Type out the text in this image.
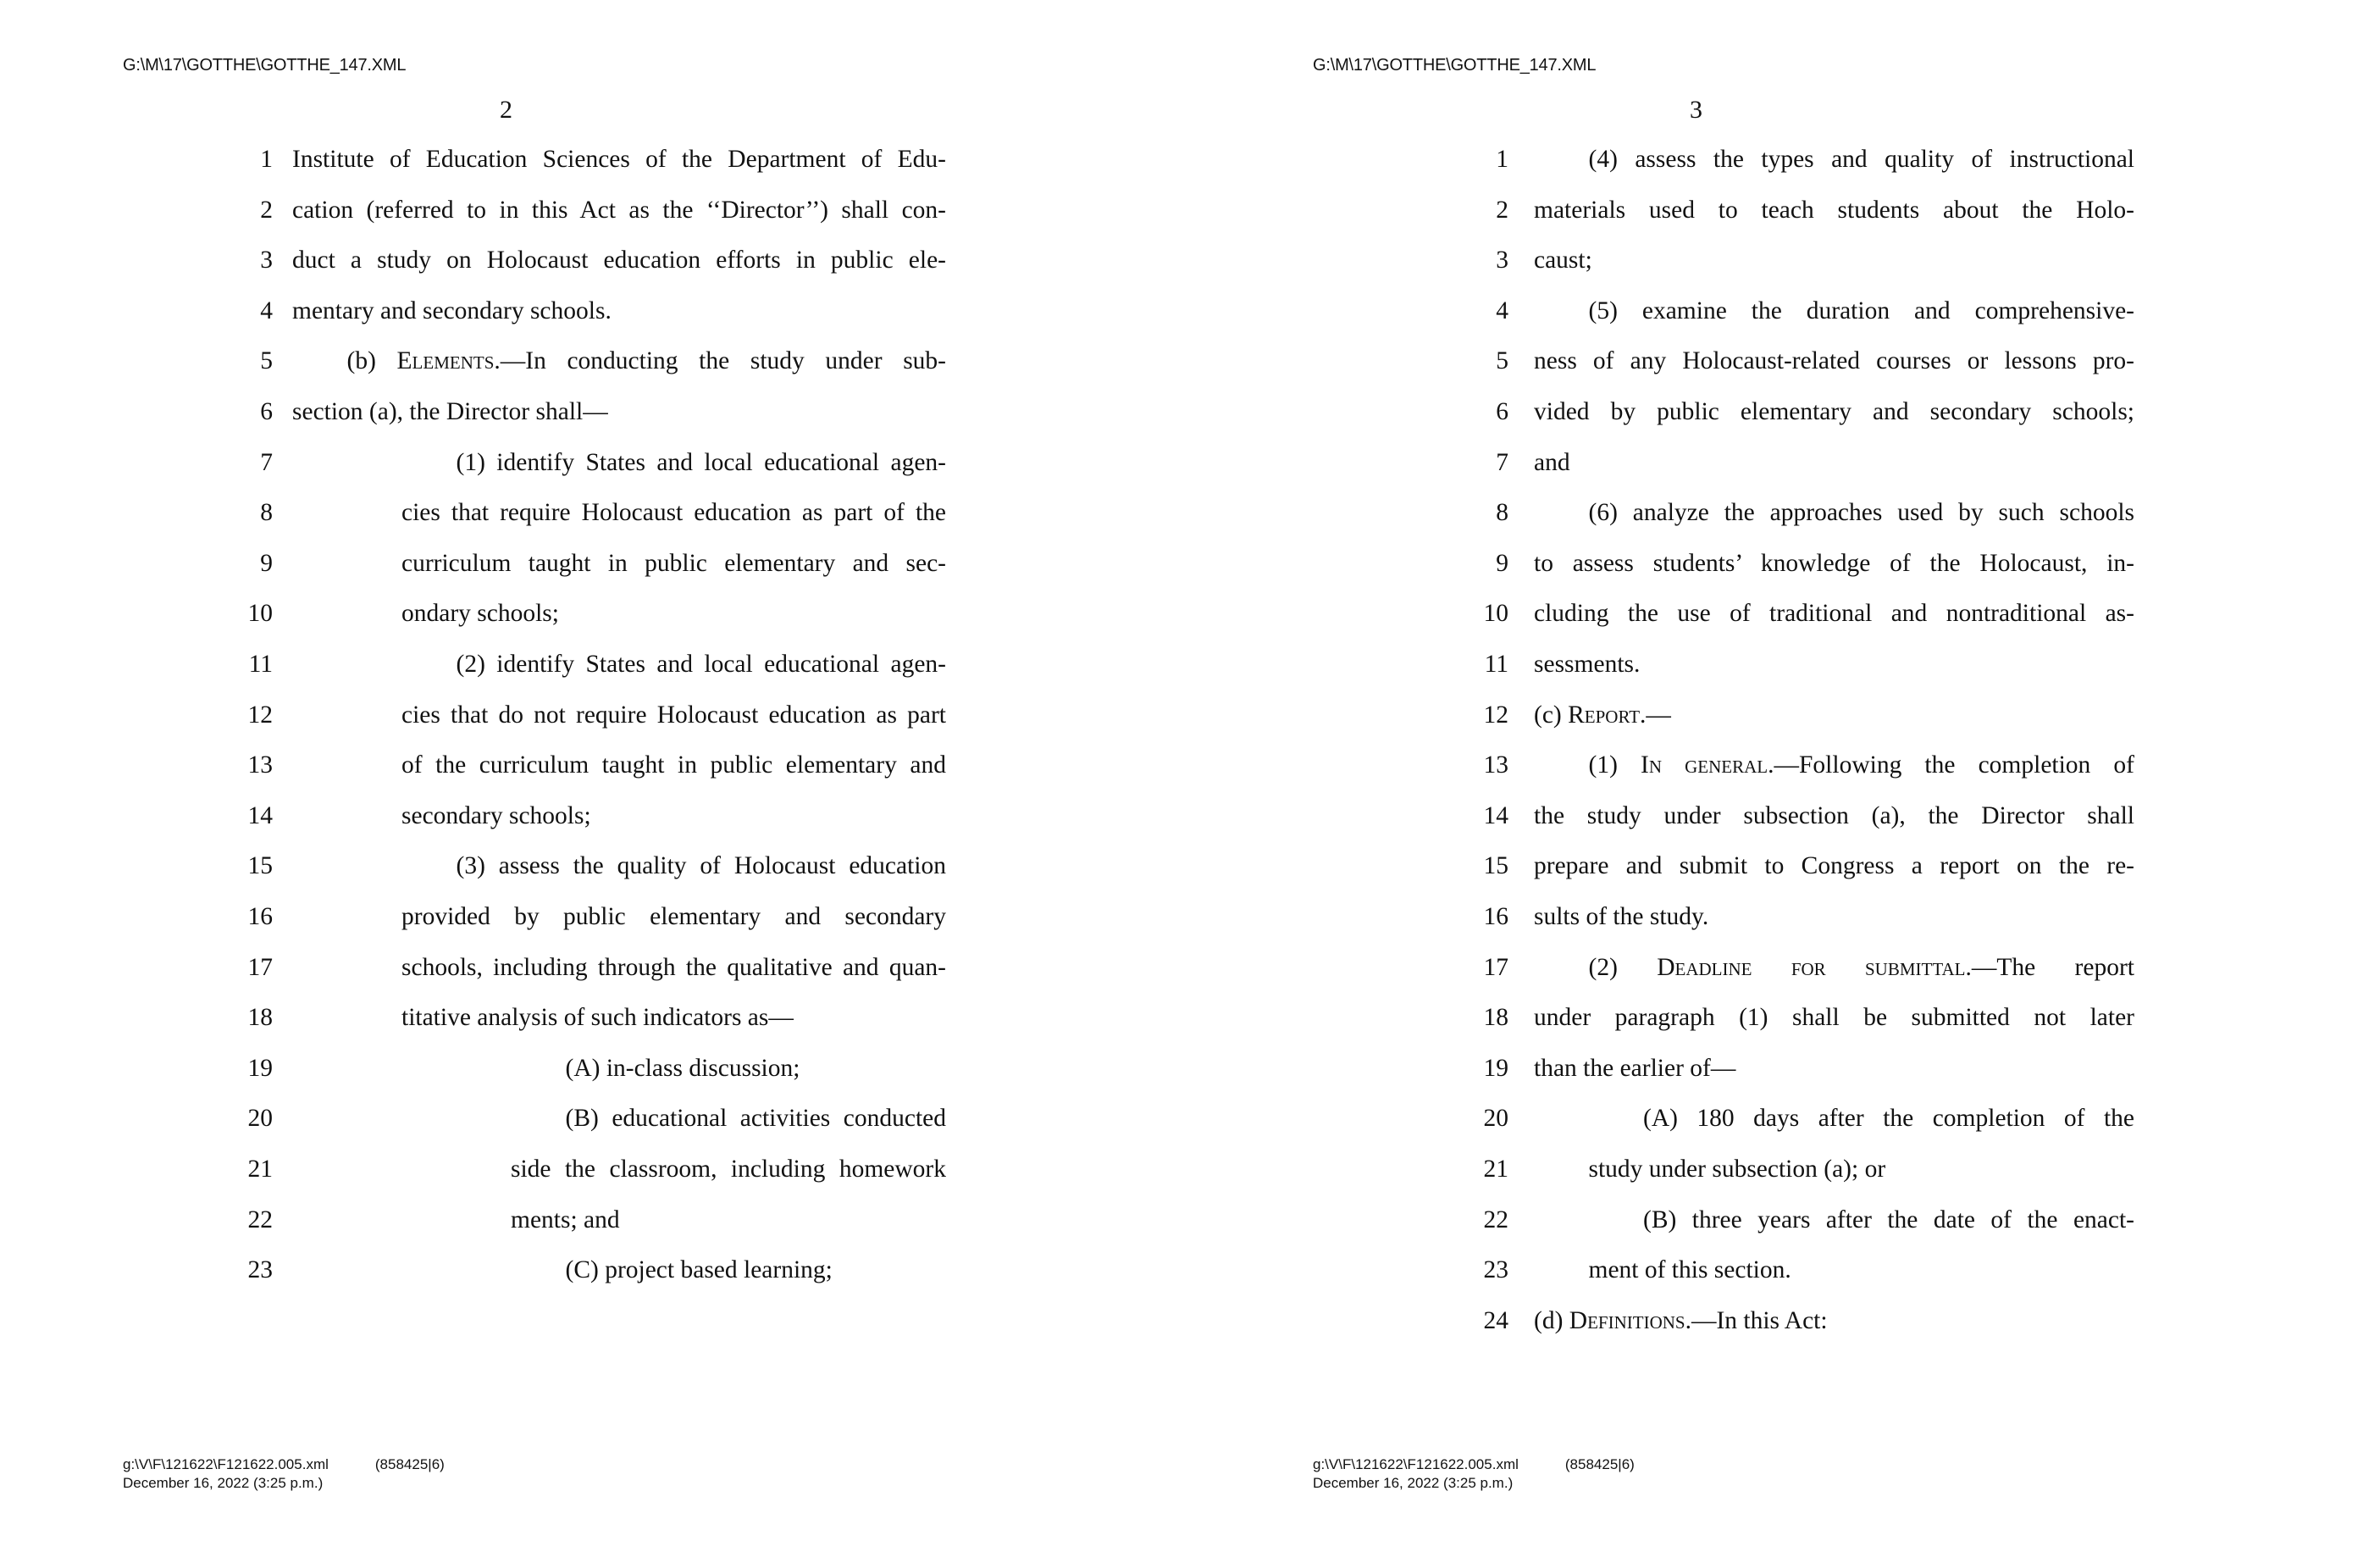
G:\M\17\GOTTHE\GOTTHE_147.XML
2
1 Institute of Education Sciences of the Department of Edu-
2 cation (referred to in this Act as the ‘‘Director’’) shall con-
3 duct a study on Holocaust education efforts in public ele-
4 mentary and secondary schools.
5	(b) Elements.—In conducting the study under sub-
6 section (a), the Director shall—
7	(1) identify States and local educational agen-
8	cies that require Holocaust education as part of the
9	curriculum taught in public elementary and sec-
10	ondary schools;
11	(2) identify States and local educational agen-
12	cies that do not require Holocaust education as part
13	of the curriculum taught in public elementary and
14	secondary schools;
15	(3) assess the quality of Holocaust education
16	provided by public elementary and secondary
17	schools, including through the qualitative and quan-
18	titative analysis of such indicators as—
19	(A) in-class discussion;
20	(B) educational activities conducted
21	side the classroom, including homework
22	ments; and
23	(C) project based learning;
g:\V\F\121622\F121622.005.xml	(858425|6)
December 16, 2022 (3:25 p.m.)
G:\M\17\GOTTHE\GOTTHE_147.XML
3
1	(4) assess the types and quality of instructional
2 materials used to teach students about the Holo-
3 caust;
4	(5) examine the duration and comprehensive-
5 ness of any Holocaust-related courses or lessons pro-
6 vided by public elementary and secondary schools;
7 and
8	(6) analyze the approaches used by such schools
9 to assess students’ knowledge of the Holocaust, in-
10 cluding the use of traditional and nontraditional as-
11 sessments.
12 (c) Report.—
13	(1) In general.—Following the completion of
14 the study under subsection (a), the Director shall
15 prepare and submit to Congress a report on the re-
16 sults of the study.
17	(2) Deadline for submittal.—The report
18 under paragraph (1) shall be submitted not later
19 than the earlier of—
20	(A) 180 days after the completion of the
21	study under subsection (a); or
22	(B) three years after the date of the enact-
23	ment of this section.
24 (d) Definitions.—In this Act:
g:\V\F\121622\F121622.005.xml	(858425|6)
December 16, 2022 (3:25 p.m.)
